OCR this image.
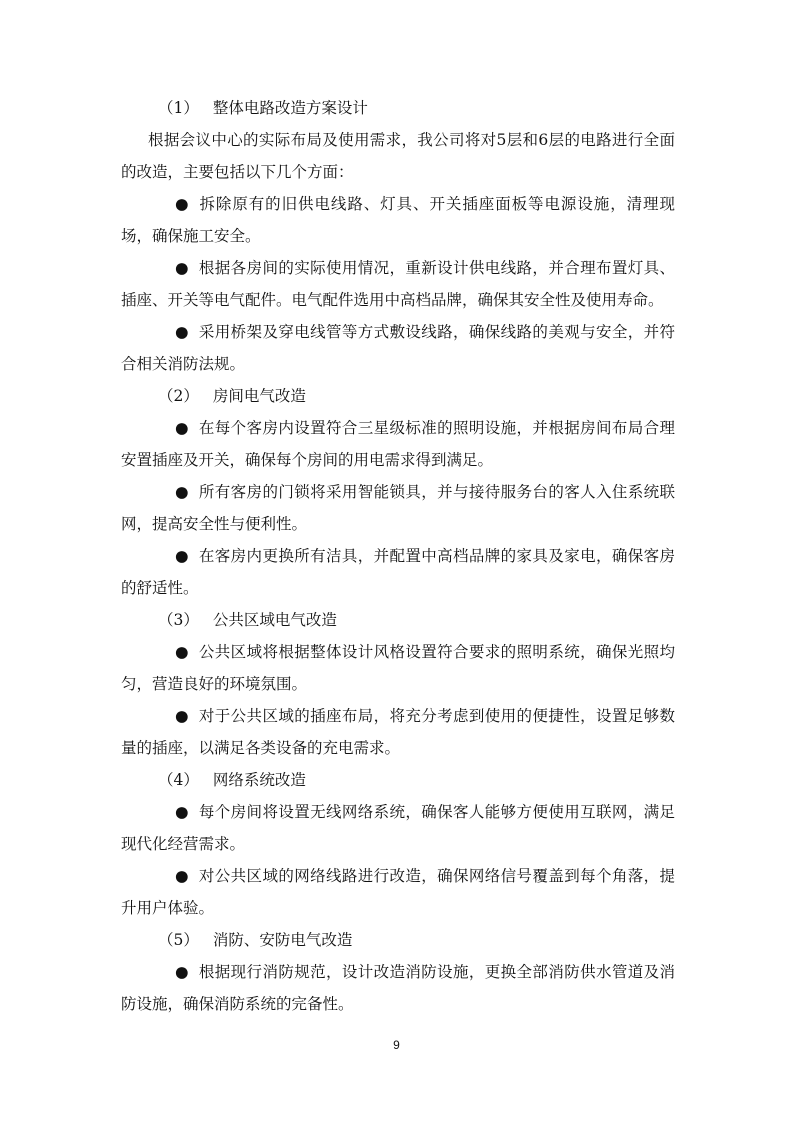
（1） 整体电路改造方案设计

根据会议中心的实际布局及使用需求，我公司将对5层和6层的电路进行全面的改造，主要包括以下几个方面：

● 拆除原有的旧供电线路、灯具、开关插座面板等电源设施，清理现场，确保施工安全。

● 根据各房间的实际使用情况，重新设计供电线路，并合理布置灯具、插座、开关等电气配件。电气配件选用中高档品牌，确保其安全性及使用寿命。

● 采用桥架及穿电线管等方式敷设线路，确保线路的美观与安全，并符合相关消防法规。

（2） 房间电气改造

● 在每个客房内设置符合三星级标准的照明设施，并根据房间布局合理安置插座及开关，确保每个房间的用电需求得到满足。

● 所有客房的门锁将采用智能锁具，并与接待服务台的客人入住系统联网，提高安全性与便利性。

● 在客房内更换所有洁具，并配置中高档品牌的家具及家电，确保客房的舒适性。

（3） 公共区域电气改造

● 公共区域将根据整体设计风格设置符合要求的照明系统，确保光照均匀，营造良好的环境氛围。

● 对于公共区域的插座布局，将充分考虑到使用的便捷性，设置足够数量的插座，以满足各类设备的充电需求。

（4） 网络系统改造

● 每个房间将设置无线网络系统，确保客人能够方便使用互联网，满足现代化经营需求。

● 对公共区域的网络线路进行改造，确保网络信号覆盖到每个角落，提升用户体验。

（5） 消防、安防电气改造

● 根据现行消防规范，设计改造消防设施，更换全部消防供水管道及消防设施，确保消防系统的完备性。

9
